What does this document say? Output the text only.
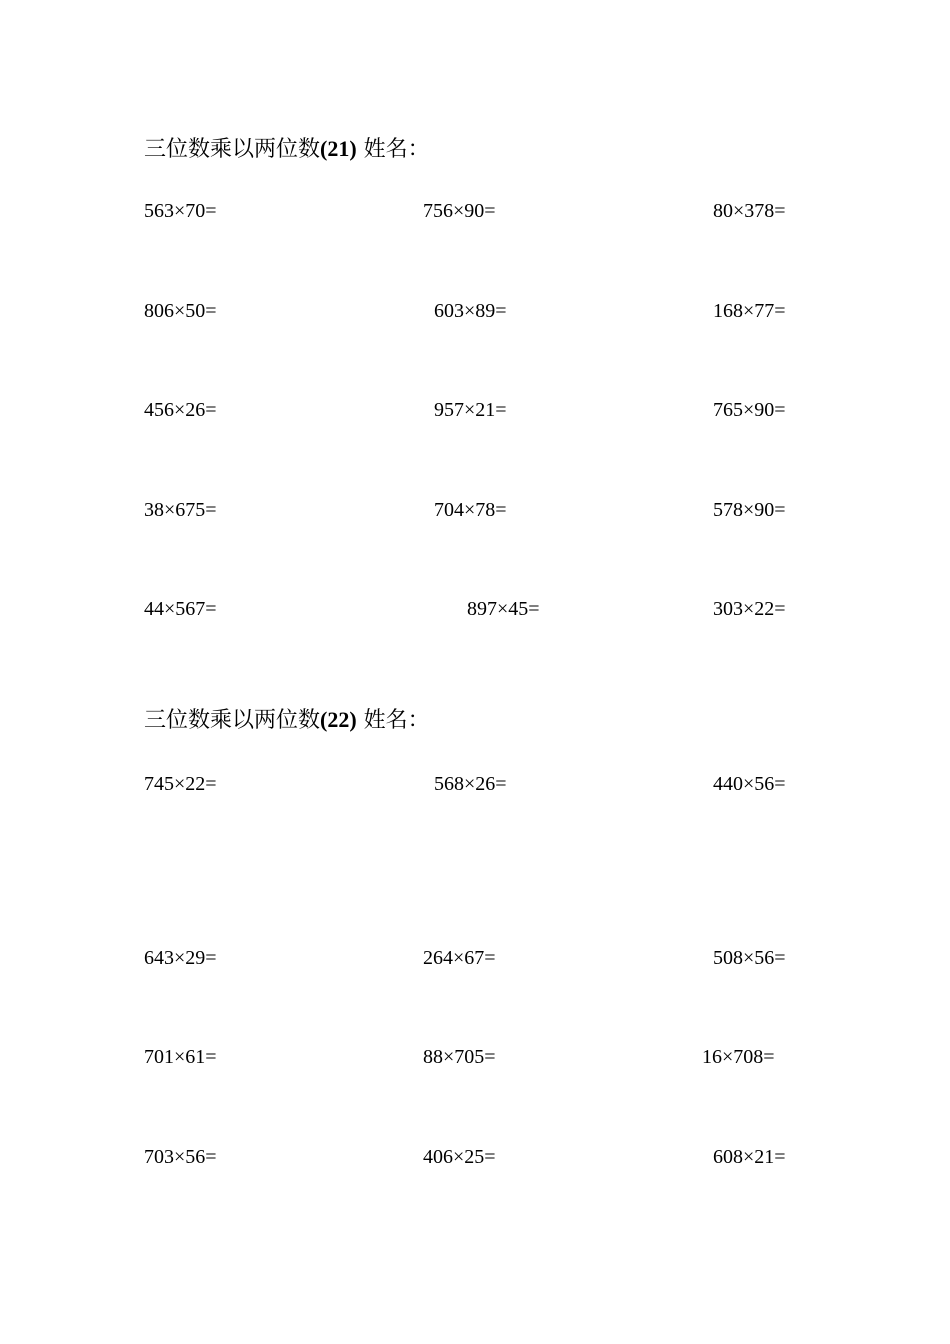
三位数乘以两位数(21) 姓名：
563×70=	756×90=	80×378=
806×50=	603×89=	168×77=
456×26=	957×21=	765×90=
38×675=	704×78=	578×90=
44×567=	897×45=	303×22=
三位数乘以两位数(22) 姓名：
745×22=	568×26=	440×56=
643×29=	264×67=	508×56=
701×61=	88×705=	16×708=
703×56=	406×25=	608×21=
